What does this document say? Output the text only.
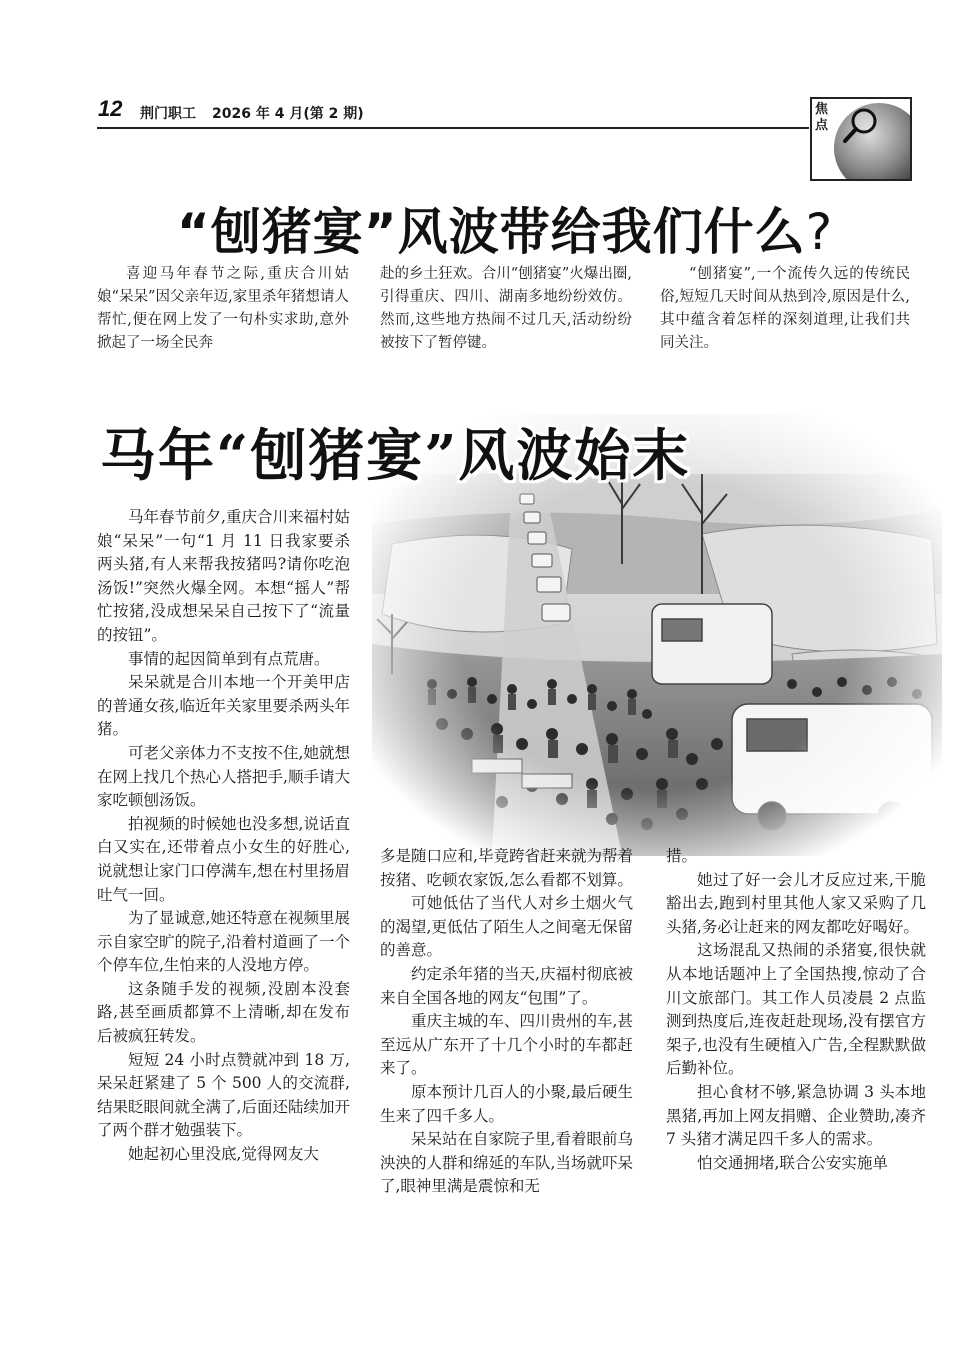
12 荆门职工 2026 年 4 月(第 2 期)	焦点
“刨猪宴”风波带给我们什么?
喜迎马年春节之际,重庆合川姑娘“呆呆”因父亲年迈,家里杀年猪想请人帮忙,便在网上发了一句朴实求助,意外掀起了一场全民奔
赴的乡土狂欢。合川“刨猪宴”火爆出圈,引得重庆、四川、湖南多地纷纷效仿。然而,这些地方热闹不过几天,活动纷纷被按下了暂停键。
“刨猪宴”,一个流传久远的传统民俗,短短几天时间从热到冷,原因是什么,其中蕴含着怎样的深刻道理,让我们共同关注。
马年“刨猪宴”风波始末

马年春节前夕,重庆合川来福村姑娘“呆呆”一句“1 月 11 日我家要杀两头猪,有人来帮我按猪吗?请你吃泡汤饭!”突然火爆全网。本想“摇人”帮忙按猪,没成想呆呆自己按下了“流量的按钮”。

事情的起因简单到有点荒唐。

呆呆就是合川本地一个开美甲店的普通女孩,临近年关家里要杀两头年猪。

可老父亲体力不支按不住,她就想在网上找几个热心人搭把手,顺手请大家吃顿刨汤饭。

拍视频的时候她也没多想,说话直白又实在,还带着点小女生的好胜心,说就想让家门口停满车,想在村里扬眉吐气一回。

为了显诚意,她还特意在视频里展示自家空旷的院子,沿着村道画了一个个停车位,生怕来的人没地方停。

这条随手发的视频,没剧本没套路,甚至画质都算不上清晰,却在发布后被疯狂转发。

短短 24 小时点赞就冲到 18 万,呆呆赶紧建了 5 个 500 人的交流群,结果眨眼间就全满了,后面还陆续加开了两个群才勉强装下。

她起初心里没底,觉得网友大

多是随口应和,毕竟跨省赶来就为帮着按猪、吃顿农家饭,怎么看都不划算。

可她低估了当代人对乡土烟火气的渴望,更低估了陌生人之间毫无保留的善意。

约定杀年猪的当天,庆福村彻底被来自全国各地的网友“包围”了。

重庆主城的车、四川贵州的车,甚至远从广东开了十几个小时的车都赶来了。

原本预计几百人的小聚,最后硬生生来了四千多人。

呆呆站在自家院子里,看着眼前乌泱泱的人群和绵延的车队,当场就吓呆了,眼神里满是震惊和无

措。

她过了好一会儿才反应过来,干脆豁出去,跑到村里其他人家又采购了几头猪,务必让赶来的网友都吃好喝好。

这场混乱又热闹的杀猪宴,很快就从本地话题冲上了全国热搜,惊动了合川文旅部门。其工作人员凌晨 2 点监测到热度后,连夜赶赴现场,没有摆官方架子,也没有生硬植入广告,全程默默做后勤补位。

担心食材不够,紧急协调 3 头本地黑猪,再加上网友捐赠、企业赞助,凑齐 7 头猪才满足四千多人的需求。

怕交通拥堵,联合公安实施单
